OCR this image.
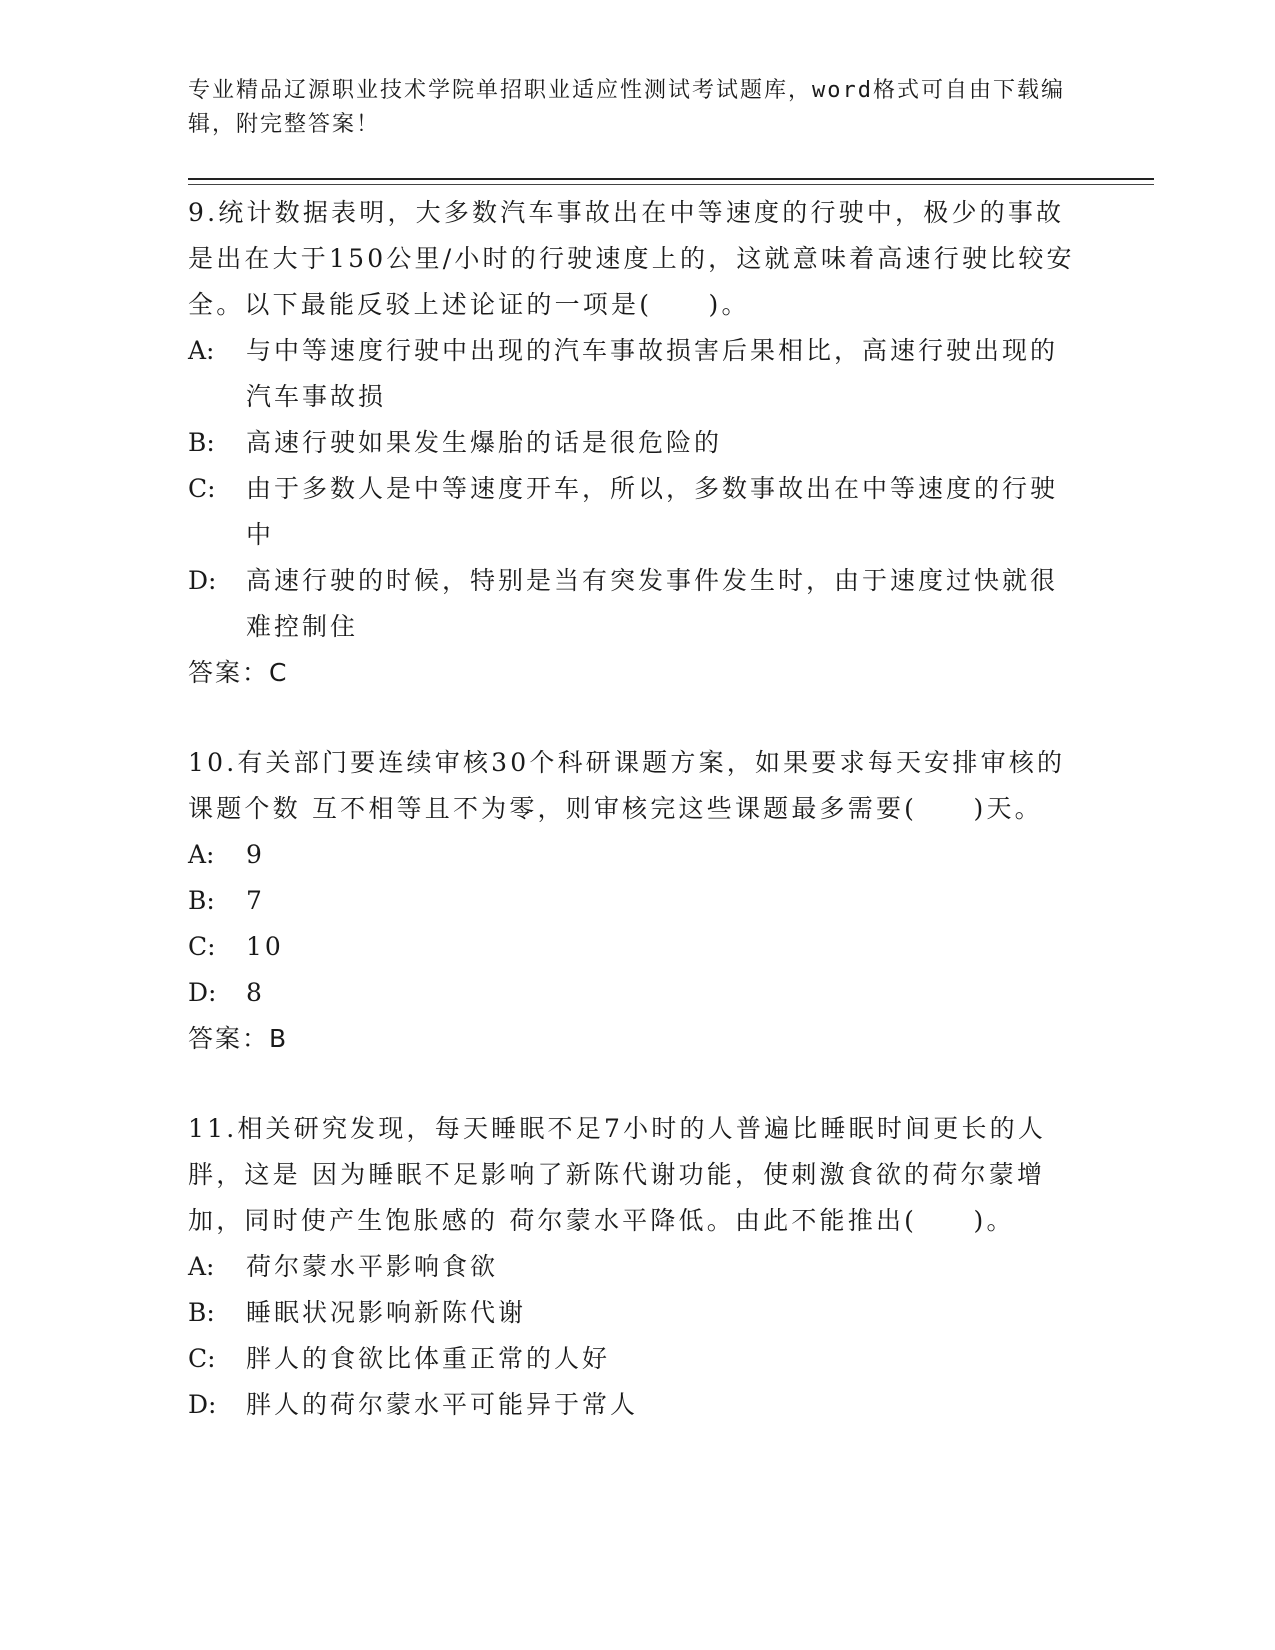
专业精品辽源职业技术学院单招职业适应性测试考试题库，word格式可自由下载编辑，附完整答案！
9.统计数据表明，大多数汽车事故出在中等速度的行驶中，极少的事故是出在大于150公里/小时的行驶速度上的，这就意味着高速行驶比较安全。以下最能反驳上述论证的一项是(　　)。
A:	与中等速度行驶中出现的汽车事故损害后果相比，高速行驶出现的汽车事故损
B:	高速行驶如果发生爆胎的话是很危险的
C:	由于多数人是中等速度开车，所以，多数事故出在中等速度的行驶中
D:	高速行驶的时候，特别是当有突发事件发生时，由于速度过快就很难控制住
答案：C
10.有关部门要连续审核30个科研课题方案，如果要求每天安排审核的课题个数 互不相等且不为零，则审核完这些课题最多需要(　　)天。
A:	9
B:	7
C:	10
D:	8
答案：B
11.相关研究发现，每天睡眠不足7小时的人普遍比睡眠时间更长的人胖，这是 因为睡眠不足影响了新陈代谢功能，使刺激食欲的荷尔蒙增加，同时使产生饱胀感的 荷尔蒙水平降低。由此不能推出(　　)。
A:	荷尔蒙水平影响食欲
B:	睡眠状况影响新陈代谢
C:	胖人的食欲比体重正常的人好
D:	胖人的荷尔蒙水平可能异于常人
